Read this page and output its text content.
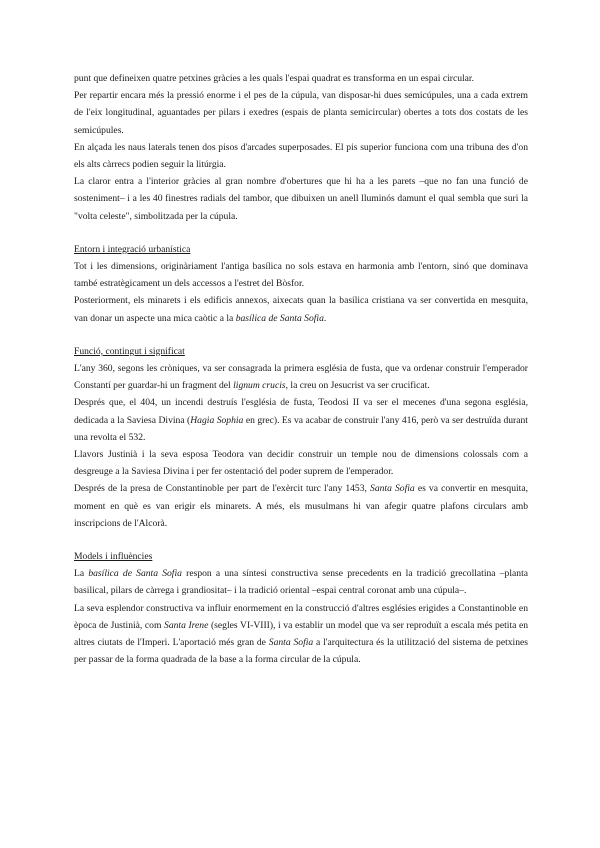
punt que defineixen quatre petxines gràcies a les quals l'espai quadrat es transforma en un espai circular.

Per repartir encara més la pressió enorme i el pes de la cúpula, van disposar-hi dues semicúpules, una a cada extrem de l'eix longitudinal, aguantades per pilars i exedres (espais de planta semicircular) obertes a tots dos costats de les semicúpules.

En alçada les naus laterals tenen dos pisos d'arcades superposades. El pis superior funciona com una tribuna des d'on els alts càrrecs podien seguir la litúrgia.

La claror entra a l'interior gràcies al gran nombre d'obertures que hi ha a les parets –que no fan una funció de sosteniment– i a les 40 finestres radials del tambor, que dibuixen un anell lluminós damunt el qual sembla que suri la "volta celeste", simbolitzada per la cúpula.

Entorn i integració urbanística

Tot i les dimensions, originàriament l'antiga basílica no sols estava en harmonia amb l'entorn, sinó que dominava també estratègicament un dels accessos a l'estret del Bòsfor.

Posteriorment, els minarets i els edificis annexos, aixecats quan la basílica cristiana va ser convertida en mesquita, van donar un aspecte una mica caòtic a la basílica de Santa Sofia.

Funció, contingut i significat

L'any 360, segons les cròniques, va ser consagrada la primera església de fusta, que va ordenar construir l'emperador Constantí per guardar-hi un fragment del lignum crucis, la creu on Jesucrist va ser crucificat.

Després que, el 404, un incendi destruís l'església de fusta, Teodosi II va ser el mecenes d'una segona església, dedicada a la Saviesa Divina (Hagia Sophia en grec). Es va acabar de construir l'any 416, però va ser destruïda durant una revolta el 532.

Llavors Justinià i la seva esposa Teodora van decidir construir un temple nou de dimensions colossals com a desgreuge a la Saviesa Divina i per fer ostentació del poder suprem de l'emperador.

Després de la presa de Constantinoble per part de l'exèrcit turc l'any 1453, Santa Sofia es va convertir en mesquita, moment en què es van erigir els minarets. A més, els musulmans hi van afegir quatre plafons circulars amb inscripcions de l'Alcorà.

Models i influències

La basílica de Santa Sofia respon a una síntesi constructiva sense precedents en la tradició grecollatina –planta basilical, pilars de càrrega i grandiositat– i la tradició oriental –espai central coronat amb una cúpula–.

La seva esplendor constructiva va influir enormement en la construcció d'altres esglésies erigides a Constantinoble en època de Justinià, com Santa Irene (segles VI-VIII), i va establir un model que va ser reproduït a escala més petita en altres ciutats de l'Imperi. L'aportació més gran de Santa Sofia a l'arquitectura és la utilització del sistema de petxines per passar de la forma quadrada de la base a la forma circular de la cúpula.
